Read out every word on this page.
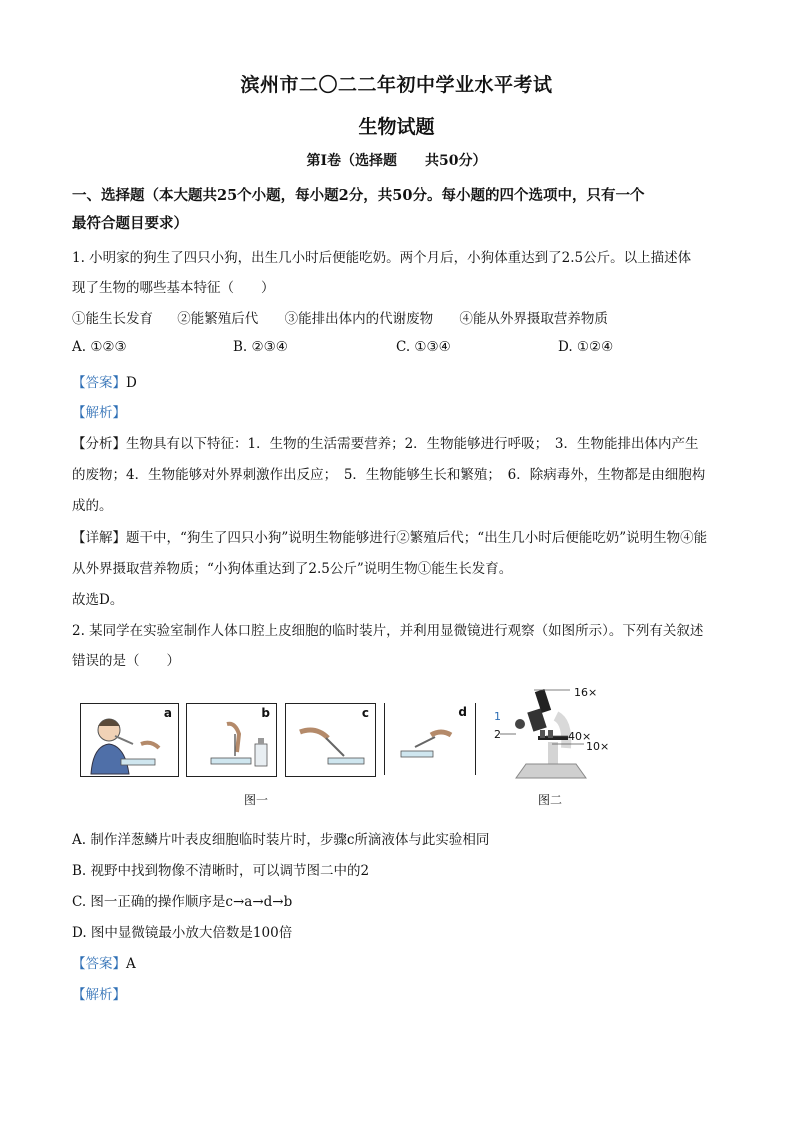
滨州市二〇二二年初中学业水平考试
生物试题
第Ⅰ卷（选择题　　共50分）
一、选择题（本大题共25个小题，每小题2分，共50分。每小题的四个选项中，只有一个
最符合题目要求）
1. 小明家的狗生了四只小狗，出生几小时后便能吃奶。两个月后，小狗体重达到了2.5公斤。以上描述体
现了生物的哪些基本特征（　　）
①能生长发育 ②能繁殖后代 ③能排出体内的代谢废物 ④能从外界摄取营养物质
A. ①②③	B. ②③④	C. ①③④	D. ①②④
【答案】D
【解析】
【分析】生物具有以下特征：1．生物的生活需要营养；2．生物能够进行呼吸；　3．生物能排出体内产生
的废物；4．生物能够对外界刺激作出反应；　5．生物能够生长和繁殖；　6．除病毒外，生物都是由细胞构
成的。
【详解】题干中，“狗生了四只小狗”说明生物能够进行②繁殖后代；“出生几小时后便能吃奶”说明生物④能
从外界摄取营养物质；“小狗体重达到了2.5公斤”说明生物①能生长发育。
故选D。
2. 某同学在实验室制作人体口腔上皮细胞的临时装片，并利用显微镜进行观察（如图所示）。下列有关叙述
错误的是（　　）
a	b	c	d
图一
16×
1
2	40×
10×
图二
A. 制作洋葱鳞片叶表皮细胞临时装片时，步骤c所滴液体与此实验相同
B. 视野中找到物像不清晰时，可以调节图二中的2
C. 图一正确的操作顺序是c→a→d→b
D. 图中显微镜最小放大倍数是100倍
【答案】A
【解析】
